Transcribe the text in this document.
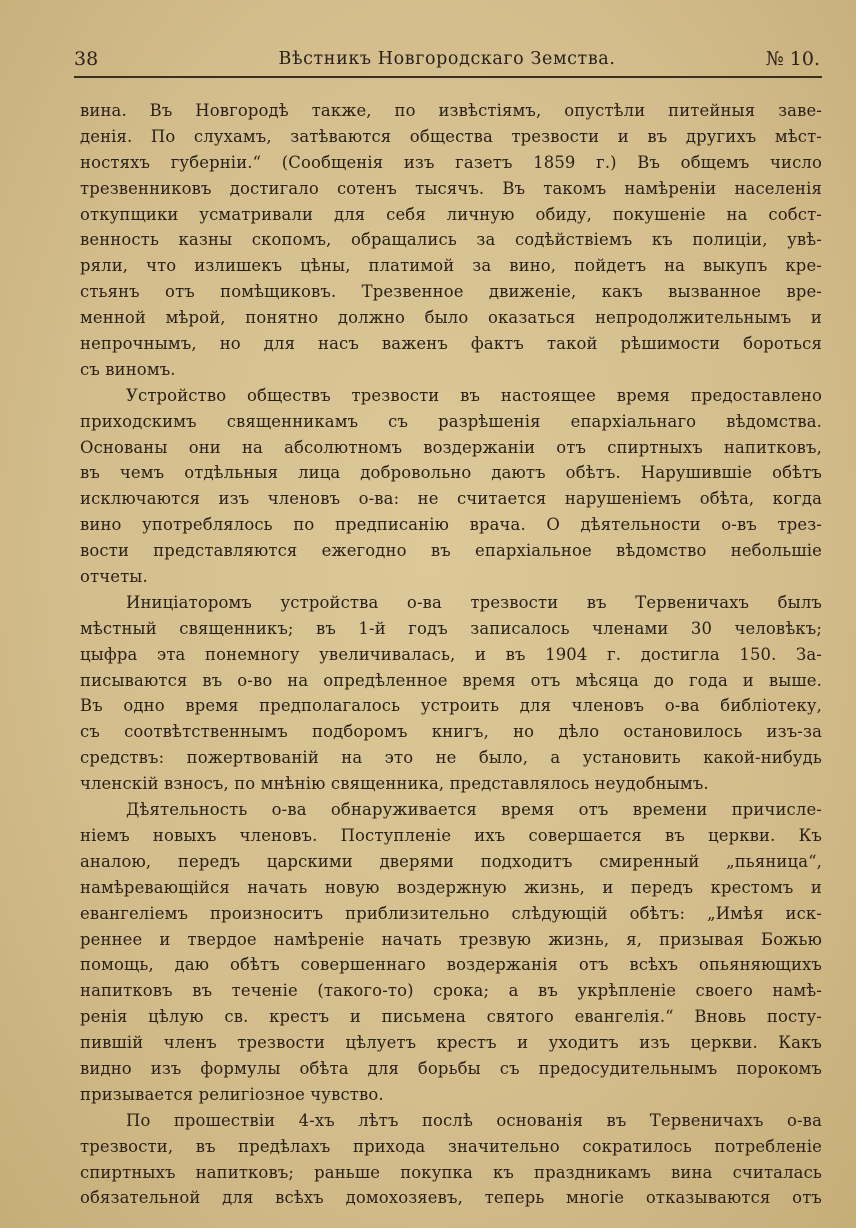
38	Вѣстникъ Новгородскаго Земства.	№ 10.
вина. Въ Новгородѣ также, по извѣстіямъ, опустѣли питейныя заве-
денія. По слухамъ, затѣваются общества трезвости и въ другихъ мѣст-
ностяхъ губерніи.“ (Сообщенія изъ газетъ 1859 г.) Въ общемъ число
трезвенниковъ достигало сотенъ тысячъ. Въ такомъ намѣреніи населенія
откупщики усматривали для себя личную обиду, покушеніе на собст-
венность казны скопомъ, обращались за содѣйствіемъ къ полиціи, увѣ-
ряли, что излишекъ цѣны, платимой за вино, пойдетъ на выкупъ кре-
стьянъ отъ помѣщиковъ. Трезвенное движеніе, какъ вызванное вре-
менной мѣрой, понятно должно было оказаться непродолжительнымъ и
непрочнымъ, но для насъ важенъ фактъ такой рѣшимости бороться
съ виномъ.
Устройство обществъ трезвости въ настоящее время предоставлено
приходскимъ священникамъ съ разрѣшенія епархіальнаго вѣдомства.
Основаны они на абсолютномъ воздержаніи отъ спиртныхъ напитковъ,
въ чемъ отдѣльныя лица добровольно даютъ обѣтъ. Нарушившіе обѣтъ
исключаются изъ членовъ о-ва: не считается нарушеніемъ обѣта, когда
вино употреблялось по предписанію врача. О дѣятельности о-въ трез-
вости представляются ежегодно въ епархіальное вѣдомство небольшіе
отчеты.
Иниціаторомъ устройства о-ва трезвости въ Тервеничахъ былъ
мѣстный священникъ; въ 1-й годъ записалось членами 30 человѣкъ;
цыфра эта понемногу увеличивалась, и въ 1904 г. достигла 150. За-
писываются въ о-во на опредѣленное время отъ мѣсяца до года и выше.
Въ одно время предполагалось устроить для членовъ о-ва библіотеку,
съ соотвѣтственнымъ подборомъ книгъ, но дѣло остановилось изъ-за
средствъ: пожертвованій на это не было, а установить какой-нибудь
членскій взносъ, по мнѣнію священника, представлялось неудобнымъ.
Дѣятельность о-ва обнаруживается время отъ времени причисле-
ніемъ новыхъ членовъ. Поступленіе ихъ совершается въ церкви. Къ
аналою, передъ царскими дверями подходитъ смиренный „пьяница“,
намѣревающійся начать новую воздержную жизнь, и передъ крестомъ и
евангеліемъ произноситъ приблизительно слѣдующій обѣтъ: „Имѣя иск-
реннее и твердое намѣреніе начать трезвую жизнь, я, призывая Божью
помощь, даю обѣтъ совершеннаго воздержанія отъ всѣхъ опьяняющихъ
напитковъ въ теченіе (такого-то) срока; а въ укрѣпленіе своего намѣ-
ренія цѣлую св. крестъ и письмена святого евангелія.“ Вновь посту-
пившій членъ трезвости цѣлуетъ крестъ и уходитъ изъ церкви. Какъ
видно изъ формулы обѣта для борьбы съ предосудительнымъ порокомъ
призывается религіозное чувство.
По прошествіи 4-хъ лѣтъ послѣ основанія въ Тервеничахъ о-ва
трезвости, въ предѣлахъ прихода значительно сократилось потребленіе
спиртныхъ напитковъ; раньше покупка къ праздникамъ вина считалась
обязательной для всѣхъ домохозяевъ, теперь многіе отказываются отъ
